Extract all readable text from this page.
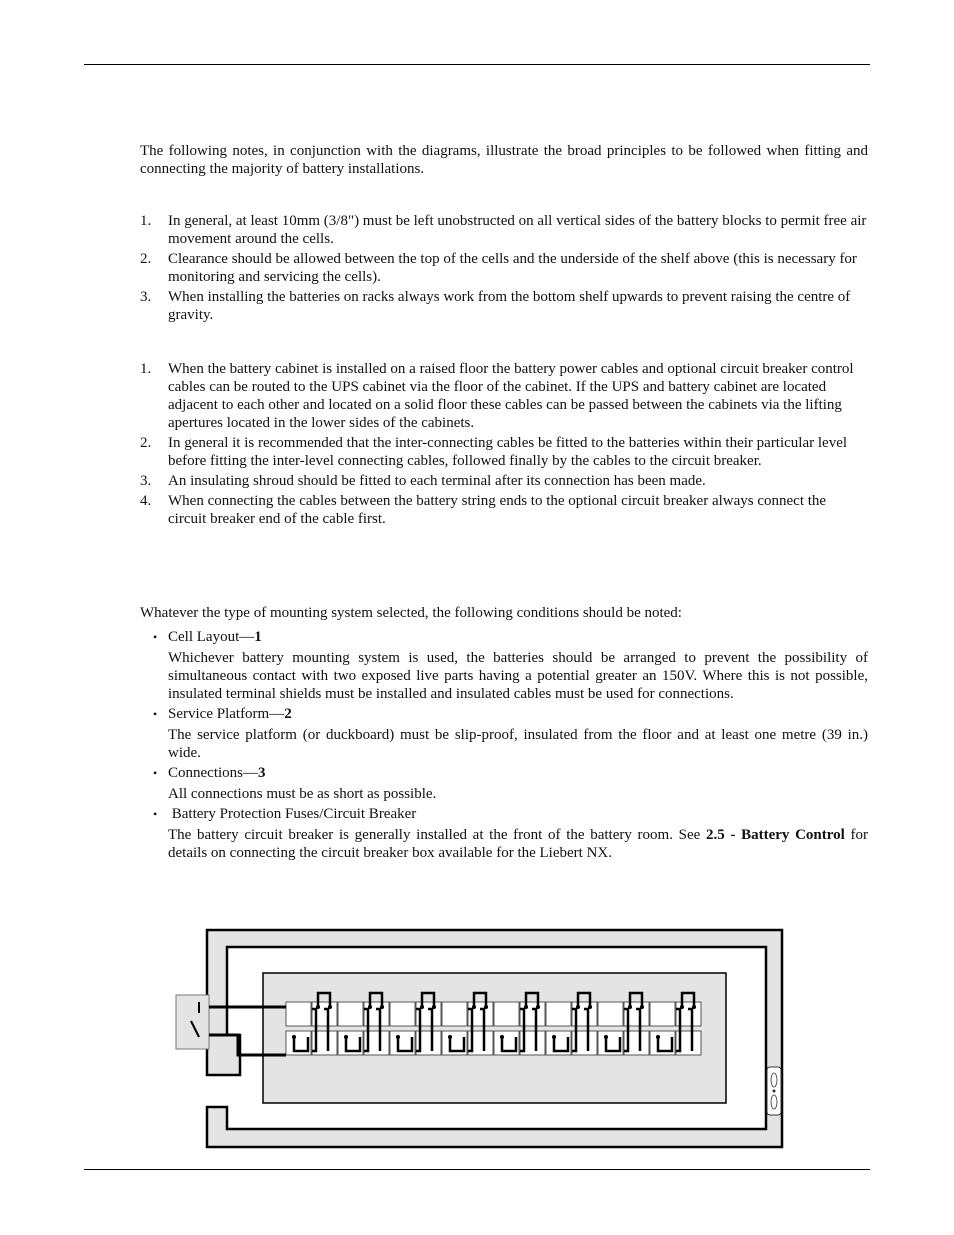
The following notes, in conjunction with the diagrams, illustrate the broad principles to be followed when fitting and connecting the majority of battery installations.

1. In general, at least 10mm (3/8") must be left unobstructed on all vertical sides of the battery blocks to permit free air movement around the cells.
2. Clearance should be allowed between the top of the cells and the underside of the shelf above (this is necessary for monitoring and servicing the cells).
3. When installing the batteries on racks always work from the bottom shelf upwards to prevent raising the centre of gravity.
1. When the battery cabinet is installed on a raised floor the battery power cables and optional circuit breaker control cables can be routed to the UPS cabinet via the floor of the cabinet. If the UPS and battery cabinet are located adjacent to each other and located on a solid floor these cables can be passed between the cabinets via the lifting apertures located in the lower sides of the cabinets.
2. In general it is recommended that the inter-connecting cables be fitted to the batteries within their particular level before fitting the inter-level connecting cables, followed finally by the cables to the circuit breaker.
3. An insulating shroud should be fitted to each terminal after its connection has been made.
4. When connecting the cables between the battery string ends to the optional circuit breaker always connect the circuit breaker end of the cable first.

Whatever the type of mounting system selected, the following conditions should be noted:

• Cell Layout—1
Whichever battery mounting system is used, the batteries should be arranged to prevent the possibility of simultaneous contact with two exposed live parts having a potential greater an 150V. Where this is not possible, insulated terminal shields must be installed and insulated cables must be used for connections.
• Service Platform—2
The service platform (or duckboard) must be slip-proof, insulated from the floor and at least one metre (39 in.) wide.
• Connections—3
All connections must be as short as possible.
• Battery Protection Fuses/Circuit Breaker
The battery circuit breaker is generally installed at the front of the battery room. See 2.5 - Battery Control for details on connecting the circuit breaker box available for the Liebert NX.
